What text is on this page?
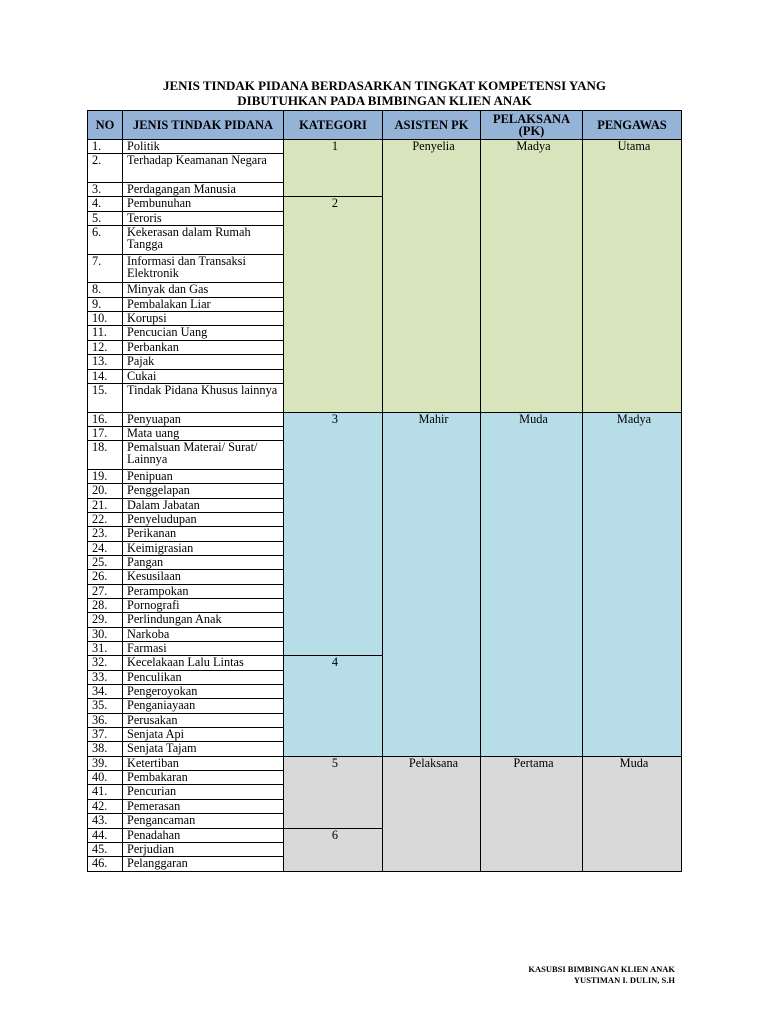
JENIS TINDAK PIDANA BERDASARKAN TINGKAT KOMPETENSI YANG
DIBUTUHKAN PADA BIMBINGAN KLIEN ANAK
NO	JENIS TINDAK PIDANA	KATEGORI	ASISTEN PK	PELAKSANA (PK)	PENGAWAS
1.	Politik	1	Penyelia	Madya	Utama
2.	Terhadap Keamanan Negara				
3.	Perdagangan Manusia				
4.	Pembunuhan	2			
5.	Teroris				
6.	Kekerasan dalam Rumah Tangga				
7.	Informasi dan Transaksi Elektronik				
8.	Minyak dan Gas				
9.	Pembalakan Liar				
10.	Korupsi				
11.	Pencucian Uang				
12.	Perbankan				
13.	Pajak				
14.	Cukai				
15.	Tindak Pidana Khusus lainnya				
16.	Penyuapan	3	Mahir	Muda	Madya
17.	Mata uang				
18.	Pemalsuan Materai/ Surat/ Lainnya				
19.	Penipuan				
20.	Penggelapan				
21.	Dalam Jabatan				
22.	Penyeludupan				
23.	Perikanan				
24.	Keimigrasian				
25.	Pangan				
26.	Kesusilaan				
27.	Perampokan				
28.	Pornografi				
29.	Perlindungan Anak				
30.	Narkoba				
31.	Farmasi				
32.	Kecelakaan Lalu Lintas	4			
33.	Penculikan				
34.	Pengeroyokan				
35.	Penganiayaan				
36.	Perusakan				
37.	Senjata Api				
38.	Senjata Tajam				
39.	Ketertiban	5	Pelaksana	Pertama	Muda
40.	Pembakaran				
41.	Pencurian				
42.	Pemerasan				
43.	Pengancaman				
44.	Penadahan	6			
45.	Perjudian				
46.	Pelanggaran				
KASUBSI BIMBINGAN KLIEN ANAK
YUSTIMAN I. DULIN, S.H
